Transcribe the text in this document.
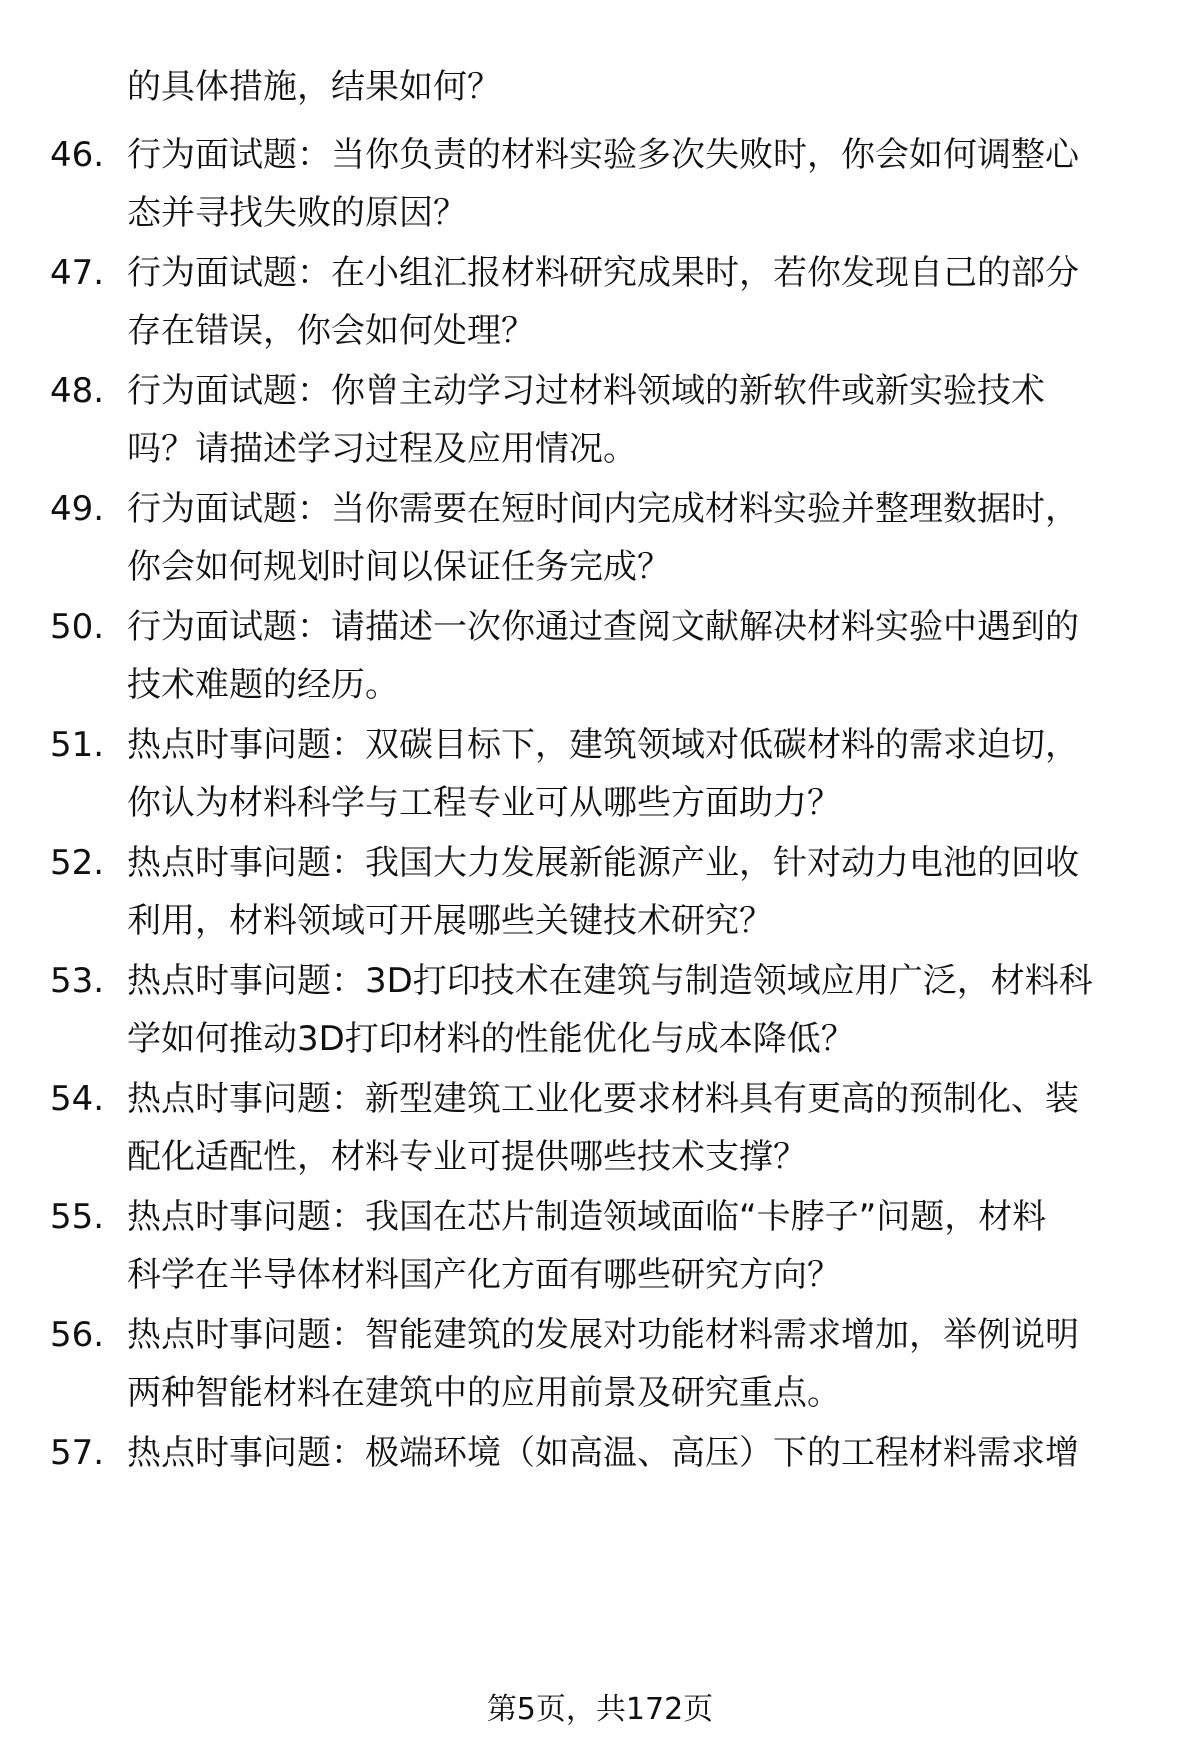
的具体措施，结果如何？
46. 行为面试题：当你负责的材料实验多次失败时，你会如何调整心
态并寻找失败的原因？
47. 行为面试题：在小组汇报材料研究成果时，若你发现自己的部分
存在错误，你会如何处理？
48. 行为面试题：你曾主动学习过材料领域的新软件或新实验技术
吗？请描述学习过程及应用情况。
49. 行为面试题：当你需要在短时间内完成材料实验并整理数据时，
你会如何规划时间以保证任务完成？
50. 行为面试题：请描述一次你通过查阅文献解决材料实验中遇到的
技术难题的经历。
51. 热点时事问题：双碳目标下，建筑领域对低碳材料的需求迫切，
你认为材料科学与工程专业可从哪些方面助力？
52. 热点时事问题：我国大力发展新能源产业，针对动力电池的回收
利用，材料领域可开展哪些关键技术研究？
53. 热点时事问题：3D打印技术在建筑与制造领域应用广泛，材料科
学如何推动3D打印材料的性能优化与成本降低？
54. 热点时事问题：新型建筑工业化要求材料具有更高的预制化、装
配化适配性，材料专业可提供哪些技术支撑？
55. 热点时事问题：我国在芯片制造领域面临“卡脖子”问题，材料
科学在半导体材料国产化方面有哪些研究方向？
56. 热点时事问题：智能建筑的发展对功能材料需求增加，举例说明
两种智能材料在建筑中的应用前景及研究重点。
57. 热点时事问题：极端环境（如高温、高压）下的工程材料需求增
第5页，共172页
